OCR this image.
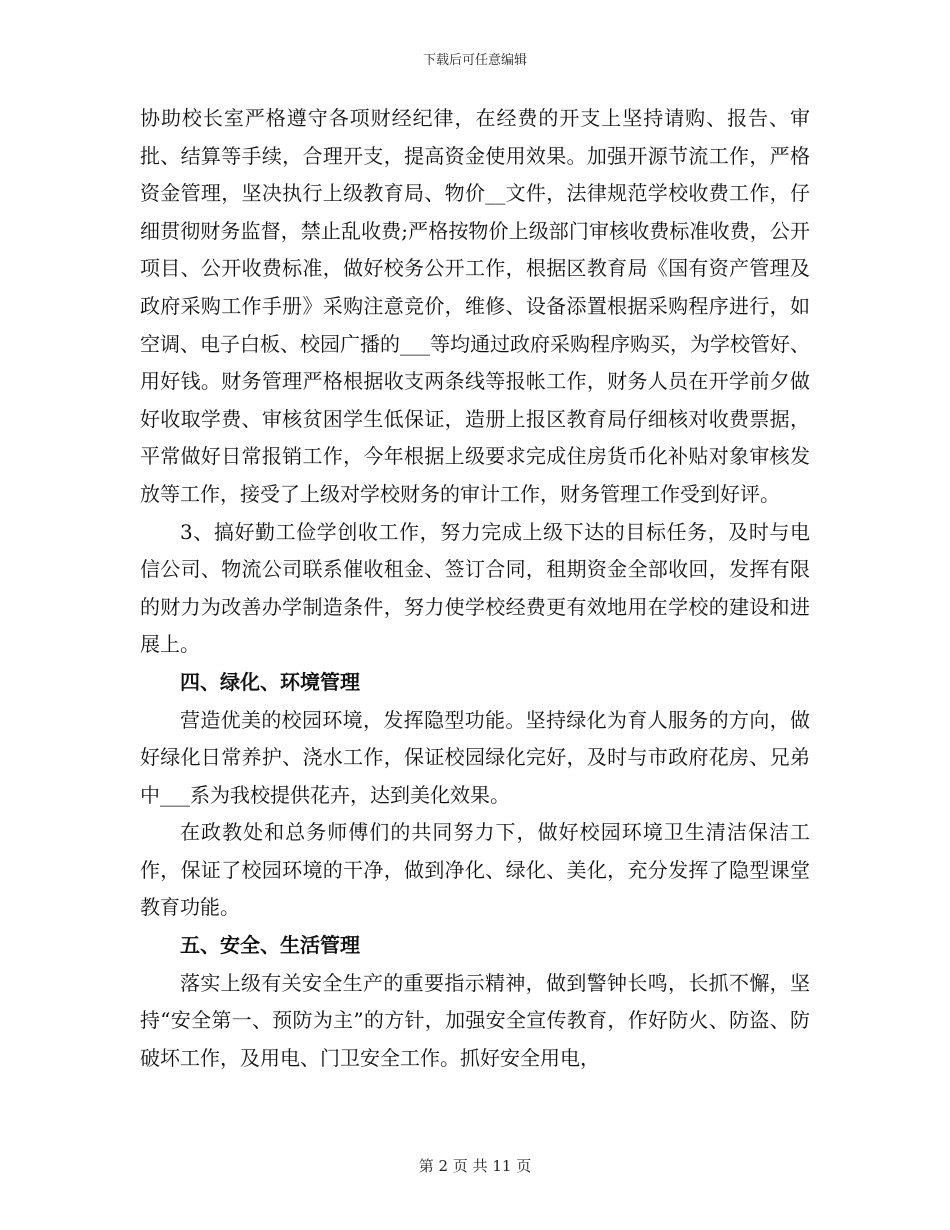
下载后可任意编辑

协助校长室严格遵守各项财经纪律，在经费的开支上坚持请购、报告、审批、结算等手续，合理开支，提高资金使用效果。加强开源节流工作，严格资金管理，坚决执行上级教育局、物价__文件，法律规范学校收费工作，仔细贯彻财务监督，禁止乱收费;严格按物价上级部门审核收费标准收费，公开项目、公开收费标准，做好校务公开工作，根据区教育局《国有资产管理及政府采购工作手册》采购注意竞价，维修、设备添置根据采购程序进行，如空调、电子白板、校园广播的___等均通过政府采购程序购买，为学校管好、用好钱。财务管理严格根据收支两条线等报帐工作，财务人员在开学前夕做好收取学费、审核贫困学生低保证，造册上报区教育局仔细核对收费票据，平常做好日常报销工作，今年根据上级要求完成住房货币化补贴对象审核发放等工作，接受了上级对学校财务的审计工作，财务管理工作受到好评。

3、搞好勤工俭学创收工作，努力完成上级下达的目标任务，及时与电信公司、物流公司联系催收租金、签订合同，租期资金全部收回，发挥有限的财力为改善办学制造条件，努力使学校经费更有效地用在学校的建设和进展上。

四、绿化、环境管理

营造优美的校园环境，发挥隐型功能。坚持绿化为育人服务的方向，做好绿化日常养护、浇水工作，保证校园绿化完好，及时与市政府花房、兄弟中___系为我校提供花卉，达到美化效果。

在政教处和总务师傅们的共同努力下，做好校园环境卫生清洁保洁工作，保证了校园环境的干净，做到净化、绿化、美化，充分发挥了隐型课堂教育功能。

五、安全、生活管理

落实上级有关安全生产的重要指示精神，做到警钟长鸣，长抓不懈，坚持“安全第一、预防为主”的方针，加强安全宣传教育，作好防火、防盗、防破坏工作，及用电、门卫安全工作。抓好安全用电，

第 2 页 共 11 页
